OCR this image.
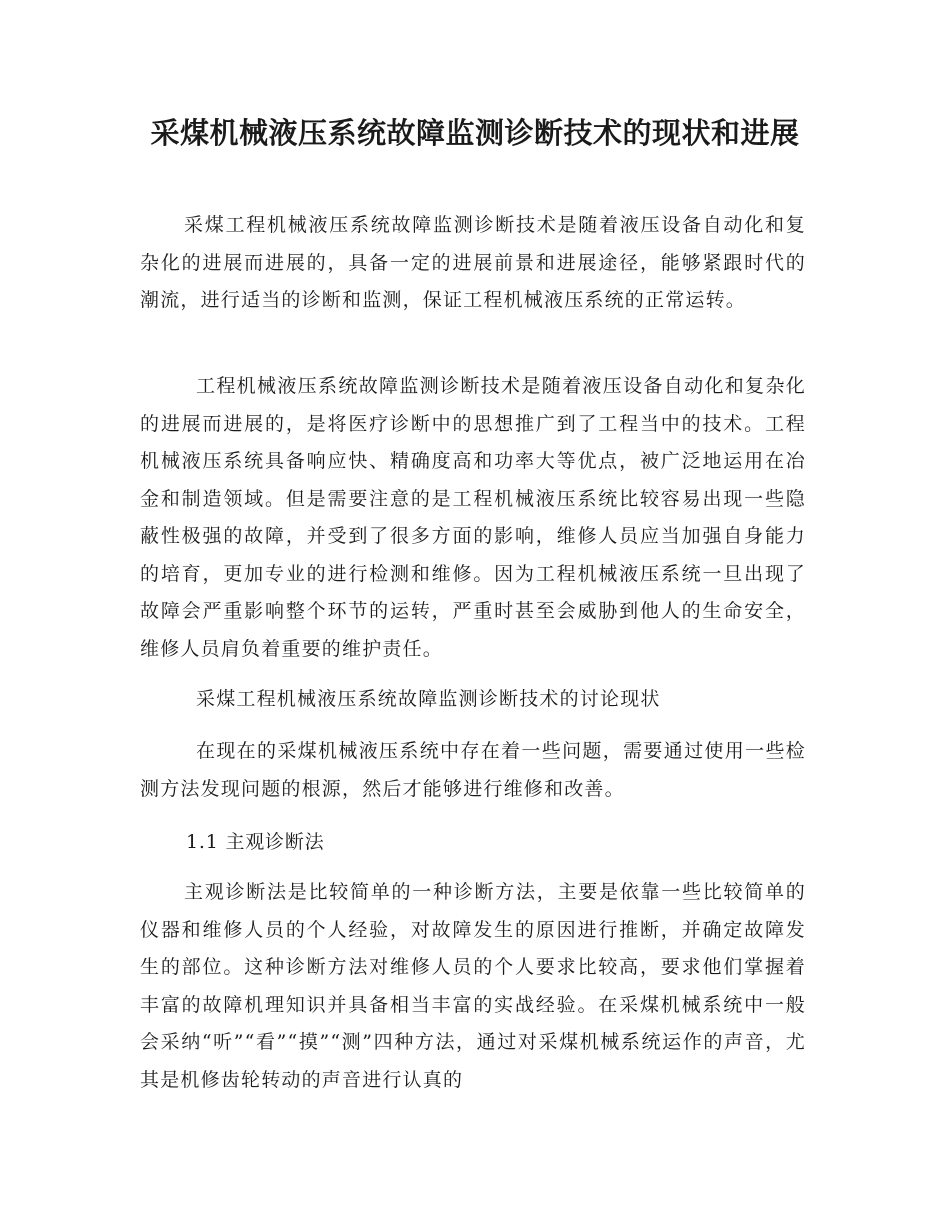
采煤机械液压系统故障监测诊断技术的现状和进展

采煤工程机械液压系统故障监测诊断技术是随着液压设备自动化和复杂化的进展而进展的，具备一定的进展前景和进展途径，能够紧跟时代的潮流，进行适当的诊断和监测，保证工程机械液压系统的正常运转。

工程机械液压系统故障监测诊断技术是随着液压设备自动化和复杂化的进展而进展的，是将医疗诊断中的思想推广到了工程当中的技术。工程机械液压系统具备响应快、精确度高和功率大等优点，被广泛地运用在冶金和制造领域。但是需要注意的是工程机械液压系统比较容易出现一些隐蔽性极强的故障，并受到了很多方面的影响，维修人员应当加强自身能力的培育，更加专业的进行检测和维修。因为工程机械液压系统一旦出现了故障会严重影响整个环节的运转，严重时甚至会威胁到他人的生命安全，维修人员肩负着重要的维护责任。

采煤工程机械液压系统故障监测诊断技术的讨论现状

在现在的采煤机械液压系统中存在着一些问题，需要通过使用一些检测方法发现问题的根源，然后才能够进行维修和改善。

1.1 主观诊断法

主观诊断法是比较简单的一种诊断方法，主要是依靠一些比较简单的仪器和维修人员的个人经验，对故障发生的原因进行推断，并确定故障发生的部位。这种诊断方法对维修人员的个人要求比较高，要求他们掌握着丰富的故障机理知识并具备相当丰富的实战经验。在采煤机械系统中一般会采纳“听”“看”“摸”“测”四种方法，通过对采煤机械系统运作的声音，尤其是机修齿轮转动的声音进行认真的
